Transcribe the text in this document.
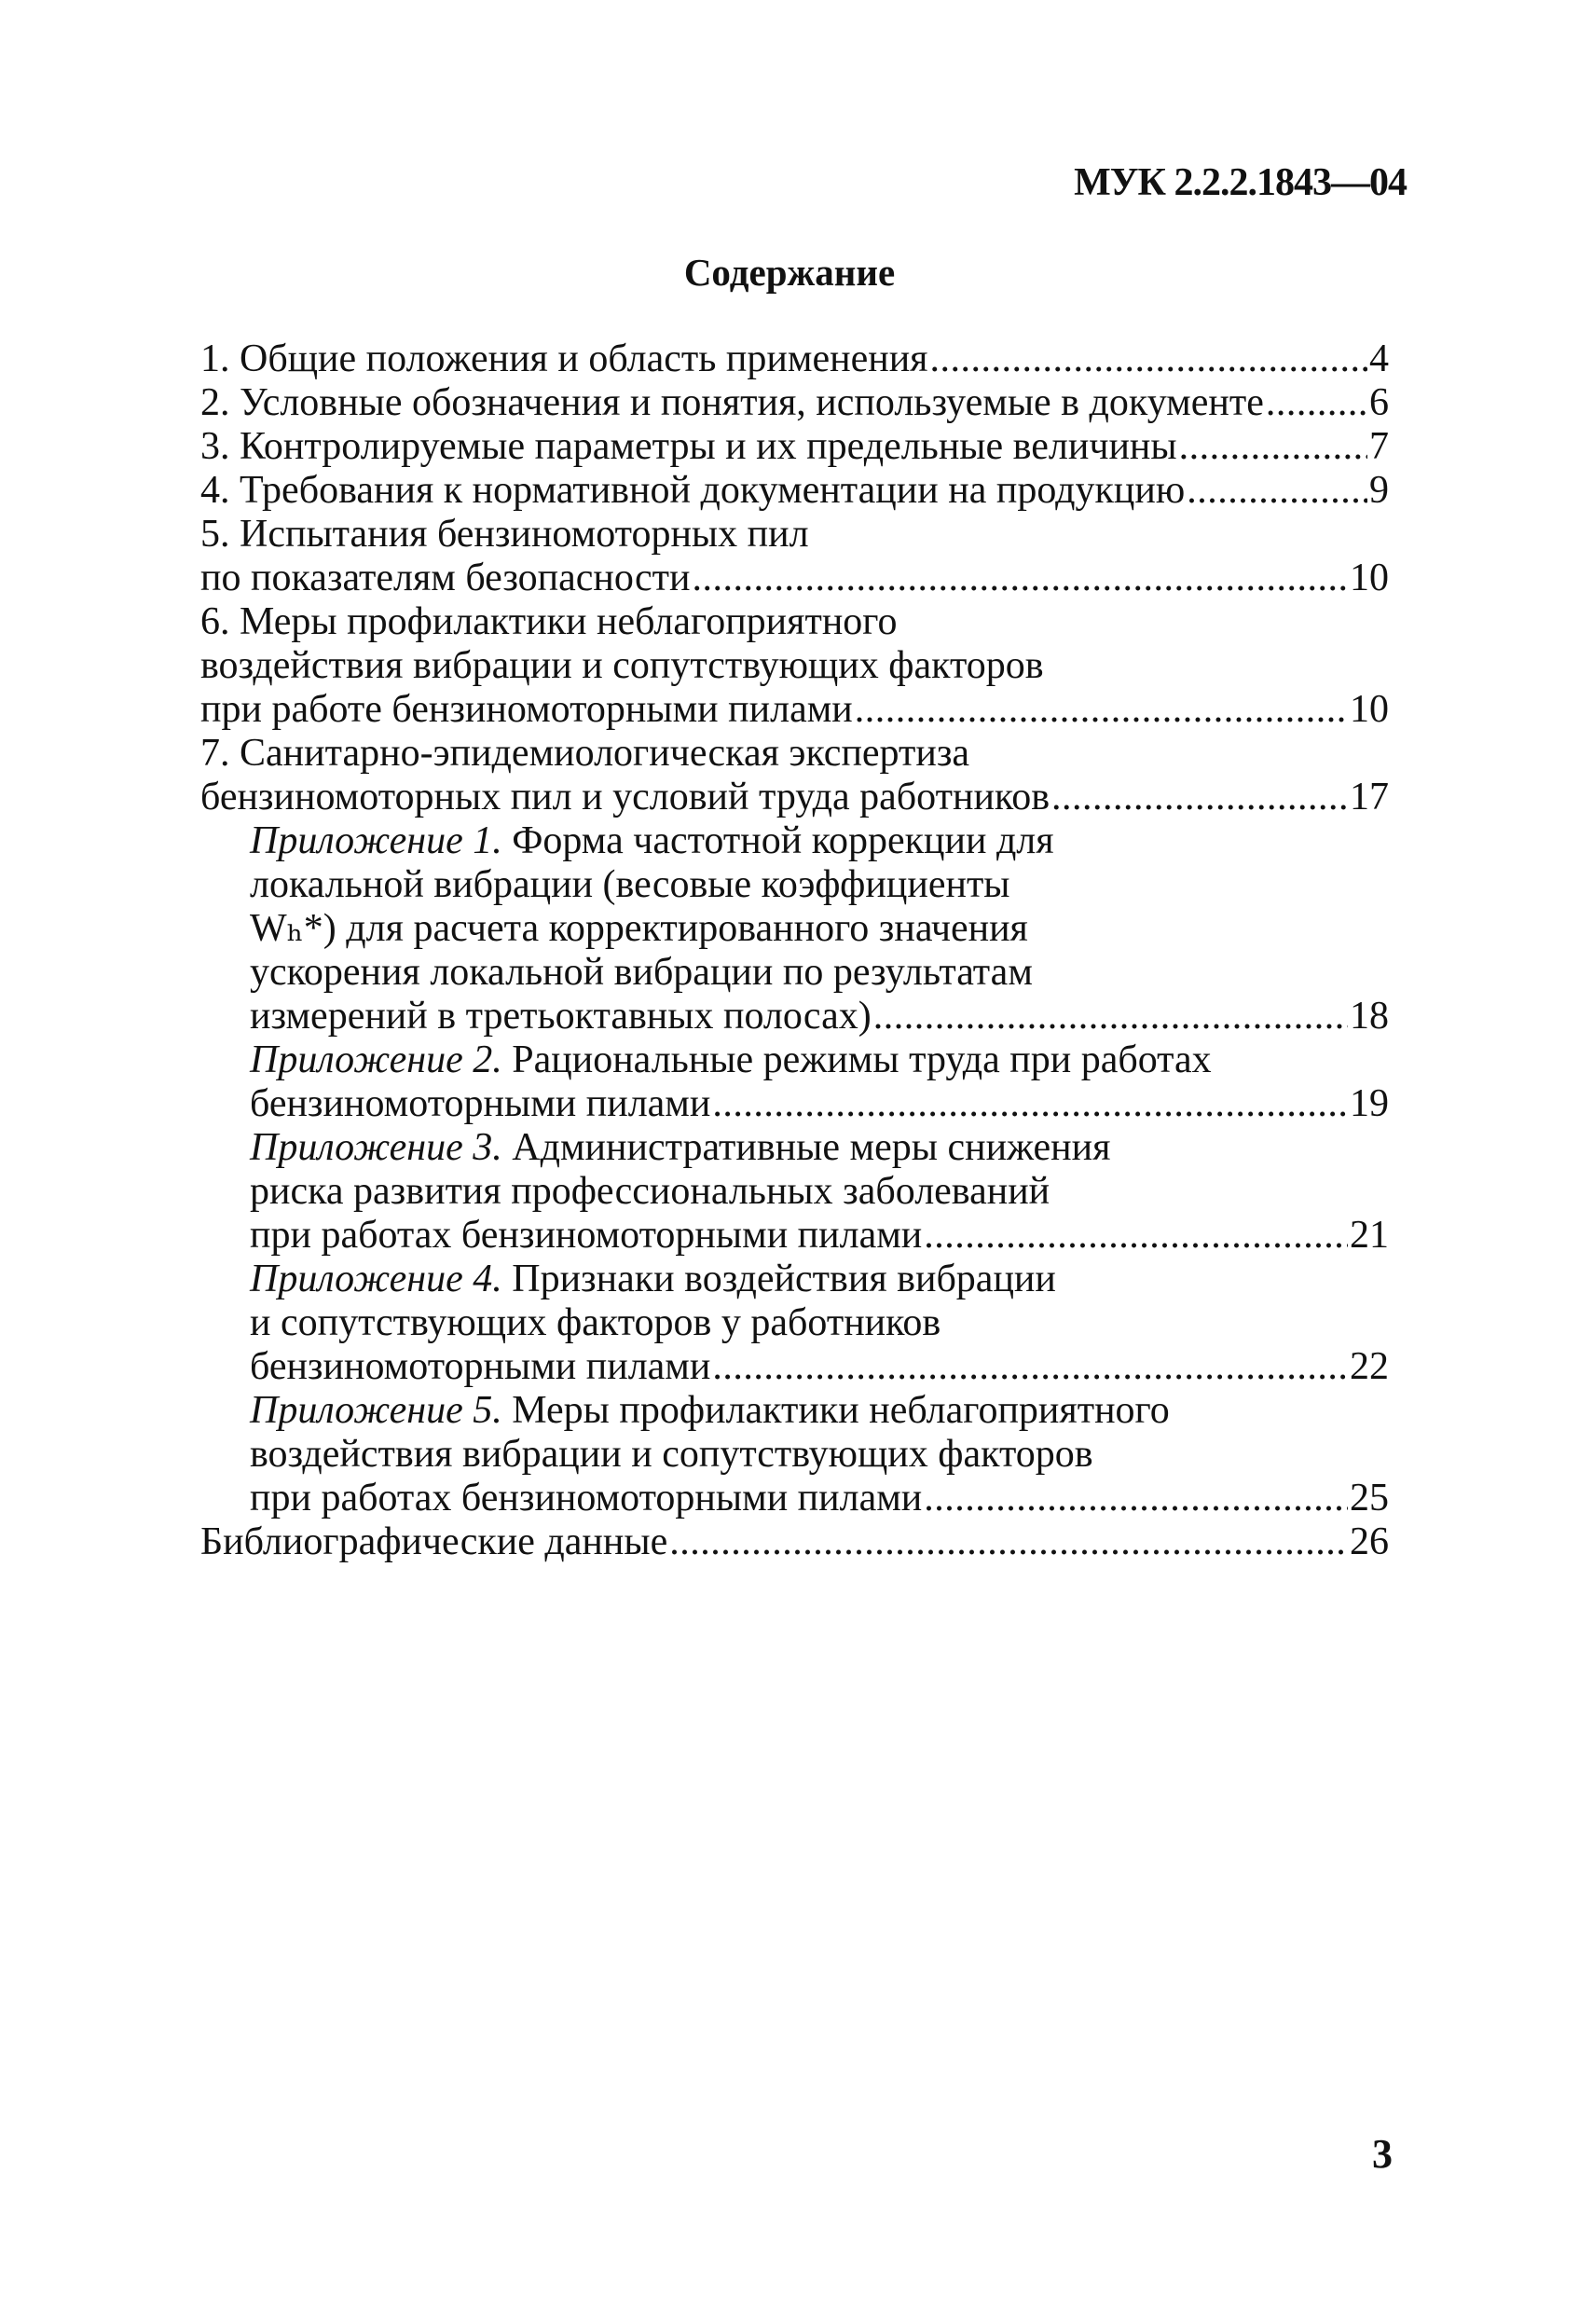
МУК 2.2.2.1843—04
Содержание
1. Общие положения и область применения . . .	4
2. Условные обозначения и понятия, используемые в документе . . .	6
3. Контролируемые параметры и их предельные величины . . .	7
4. Требования к нормативной документации на продукцию . . .	9
5. Испытания бензиномоторных пил
по показателям безопасности . . .	10
6. Меры профилактики неблагоприятного
воздействия вибрации и сопутствующих факторов
при работе бензиномоторными пилами . . .	10
7. Санитарно-эпидемиологическая экспертиза
бензиномоторных пил и условий труда работников . . .	17
Приложение 1. Форма частотной коррекции для
локальной вибрации (весовые коэффициенты
Wₕ*) для расчета корректированного значения
ускорения локальной вибрации по результатам
измерений в третьоктавных полосах) . . .	18
Приложение 2. Рациональные режимы труда при работах
бензиномоторными пилами . . .	19
Приложение 3. Административные меры снижения
риска развития профессиональных заболеваний
при работах бензиномоторными пилами . . .	21
Приложение 4. Признаки воздействия вибрации
и сопутствующих факторов у работников
бензиномоторными пилами . . .	22
Приложение 5. Меры профилактики неблагоприятного
воздействия вибрации и сопутствующих факторов
при работах бензиномоторными пилами . . .	25
Библиографические данные . . .	26
3
